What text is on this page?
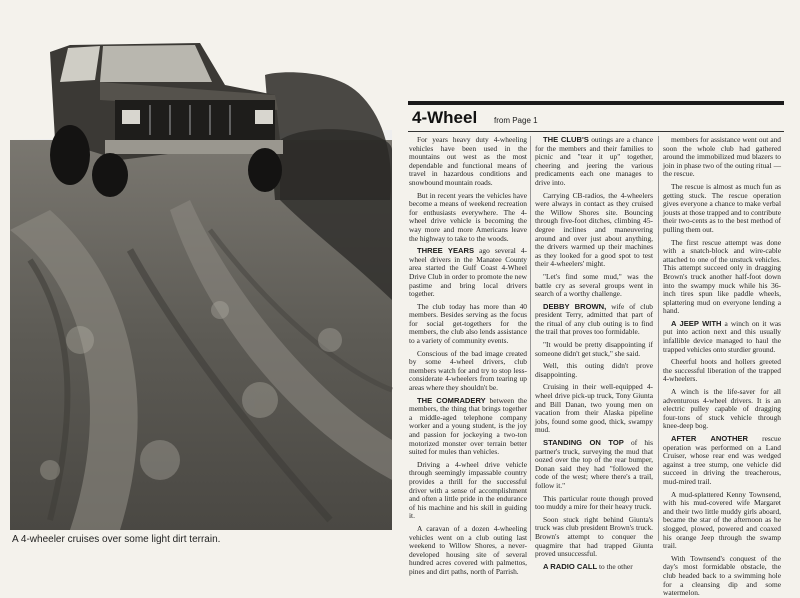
A 4-wheeler cruises over some light dirt terrain.
4-Wheel from Page 1

For years heavy duty 4-wheeling vehicles have been used in the mountains out west as the most dependable and functional means of travel in hazardous conditions and snowbound mountain roads.

But in recent years the vehicles have become a means of weekend recreation for enthusiasts everywhere. The 4-wheel drive vehicle is becoming the way more and more Americans leave the highway to take to the woods.

THREE YEARS ago several 4-wheel drivers in the Manatee County area started the Gulf Coast 4-Wheel Drive Club in order to promote the new pastime and bring local drivers together.

The club today has more than 40 members. Besides serving as the focus for social get-togethers for the members, the club also lends assistance to a variety of community events.

Conscious of the bad image created by some 4-wheel drivers, club members watch for and try to stop less-considerate 4-wheelers from tearing up areas where they shouldn't be.

THE COMRADERY between the members, the thing that brings together a middle-aged telephone company worker and a young student, is the joy and passion for jockeying a two-ton motorized monster over terrain better suited for mules than vehicles.

Driving a 4-wheel drive vehicle through seemingly impassable country provides a thrill for the successful driver with a sense of accomplishment and often a little pride in the endurance of his machine and his skill in guiding it.

A caravan of a dozen 4-wheeling vehicles went on a club outing last weekend to Willow Shores, a never-developed housing site of several hundred acres covered with palmettos, pines and dirt paths, north of Parrish.

THE CLUB'S outings are a chance for the members and their families to picnic and "tear it up" together, cheering and jeering the various predicaments each one manages to drive into.

Carrying CB-radios, the 4-wheelers were always in contact as they cruised the Willow Shores site. Bouncing through five-foot ditches, climbing 45-degree inclines and maneuvering around and over just about anything, the drivers warmed up their machines as they looked for a good spot to test their 4-wheelers' might.

"Let's find some mud," was the battle cry as several groups went in search of a worthy challenge.

DEBBY BROWN, wife of club president Terry, admitted that part of the ritual of any club outing is to find the trail that proves too formidable.

"It would be pretty disappointing if someone didn't get stuck," she said.

Well, this outing didn't prove disappointing.

Cruising in their well-equipped 4-wheel drive pick-up truck, Tony Giunta and Bill Danan, two young men on vacation from their Alaska pipeline jobs, found some good, thick, swampy mud.

STANDING ON TOP of his partner's truck, surveying the mud that oozed over the top of the rear bumper, Donan said they had "followed the code of the west; where there's a trail, follow it."

This particular route though proved too muddy a mire for their heavy truck.

Soon stuck right behind Giunta's truck was club president Brown's truck. Brown's attempt to conquer the quagmire that had trapped Giunta proved unsuccessful.

A RADIO CALL to the other

members for assistance went out and soon the whole club had gathered around the immobilized mud blazers to join in phase two of the outing ritual — the rescue.

The rescue is almost as much fun as getting stuck. The rescue operation gives everyone a chance to make verbal jousts at those trapped and to contribute their two-cents as to the best method of pulling them out.

The first rescue attempt was done with a snatch-block and wire-cable attached to one of the unstuck vehicles. This attempt succeed only in dragging Brown's truck another half-foot down into the swampy muck while his 36-inch tires spun like paddle wheels, splattering mud on everyone lending a hand.

A JEEP WITH a winch on it was put into action next and this usually infallible device managed to haul the trapped vehicles onto sturdier ground.

Cheerful hoots and hollers greeted the successful liberation of the trapped 4-wheelers.

A winch is the life-saver for all adventurous 4-wheel drivers. It is an electric pulley capable of dragging four-tons of stuck vehicle through knee-deep bog.

AFTER ANOTHER rescue operation was performed on a Land Cruiser, whose rear end was wedged against a tree stump, one vehicle did succeed in driving the treacherous, mud-mired trail.

A mud-splattered Kenny Townsend, with his mud-covered wife Margaret and their two little muddy girls aboard, became the star of the afternoon as he slogged, plowed, powered and coaxed his orange Jeep through the swamp trail.

With Townsend's conquest of the day's most formidable obstacle, the club headed back to a swimming hole for a cleansing dip and some watermelon.
